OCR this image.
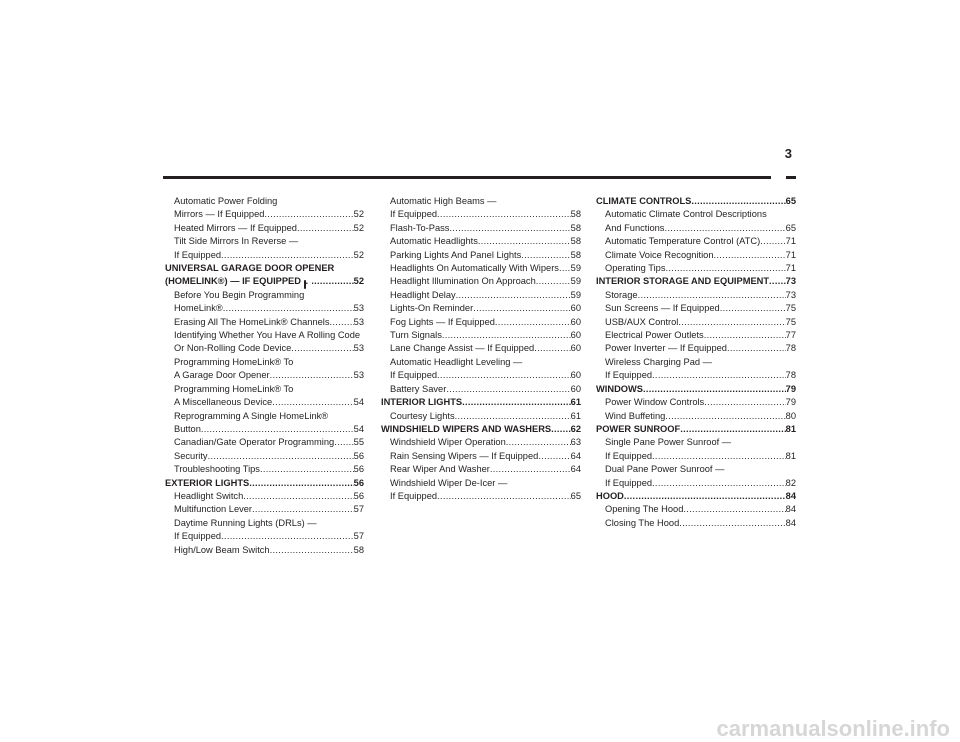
3
Automatic Power Folding
Mirrors — If Equipped .....	52
Heated Mirrors — If Equipped .....	52
Tilt Side Mirrors In Reverse —
If Equipped .....	52
UNIVERSAL GARAGE DOOR OPENER
(HOMELINK®) — IF EQUIPPED .....	52
Before You Begin Programming
HomeLink® .....	53
Erasing All The HomeLink® Channels .....	53
Identifying Whether You Have A Rolling Code
Or Non-Rolling Code Device .....	53
Programming HomeLink® To
A Garage Door Opener .....	53
Programming HomeLink® To
A Miscellaneous Device .....	54
Reprogramming A Single HomeLink®
Button .....	54
Canadian/Gate Operator Programming ..... 55
Security .....	56
Troubleshooting Tips .....	56
EXTERIOR LIGHTS .....	56
Headlight Switch .....	56
Multifunction Lever .....	57
Daytime Running Lights (DRLs) —
If Equipped .....	57
High/Low Beam Switch .....	58
Automatic High Beams —
If Equipped .....	58
Flash-To-Pass .....	58
Automatic Headlights .....	58
Parking Lights And Panel Lights .....	58
Headlights On Automatically With Wipers ..... 59
Headlight Illumination On Approach .....	59
Headlight Delay .....	59
Lights-On Reminder .....	60
Fog Lights — If Equipped .....	60
Turn Signals .....	60
Lane Change Assist — If Equipped .....	60
Automatic Headlight Leveling —
If Equipped .....	60
Battery Saver .....	60
INTERIOR LIGHTS .....	61
Courtesy Lights .....	61
WINDSHIELD WIPERS AND WASHERS ..... 62
Windshield Wiper Operation .....	63
Rain Sensing Wipers — If Equipped .....	64
Rear Wiper And Washer .....	64
Windshield Wiper De-Icer —
If Equipped .....	65
CLIMATE CONTROLS .....	65
Automatic Climate Control Descriptions
And Functions .....	65
Automatic Temperature Control (ATC) .....	71
Climate Voice Recognition .....	71
Operating Tips .....	71
INTERIOR STORAGE AND EQUIPMENT ..... 73
Storage .....	73
Sun Screens — If Equipped .....	75
USB/AUX Control .....	75
Electrical Power Outlets .....	77
Power Inverter — If Equipped .....	78
Wireless Charging Pad —
If Equipped .....	78
WINDOWS .....	79
Power Window Controls .....	79
Wind Buffeting .....	80
POWER SUNROOF .....	81
Single Pane Power Sunroof —
If Equipped .....	81
Dual Pane Power Sunroof —
If Equipped .....	82
HOOD .....	84
Opening The Hood .....	84
Closing The Hood .....	84
carmanualsonline.info
